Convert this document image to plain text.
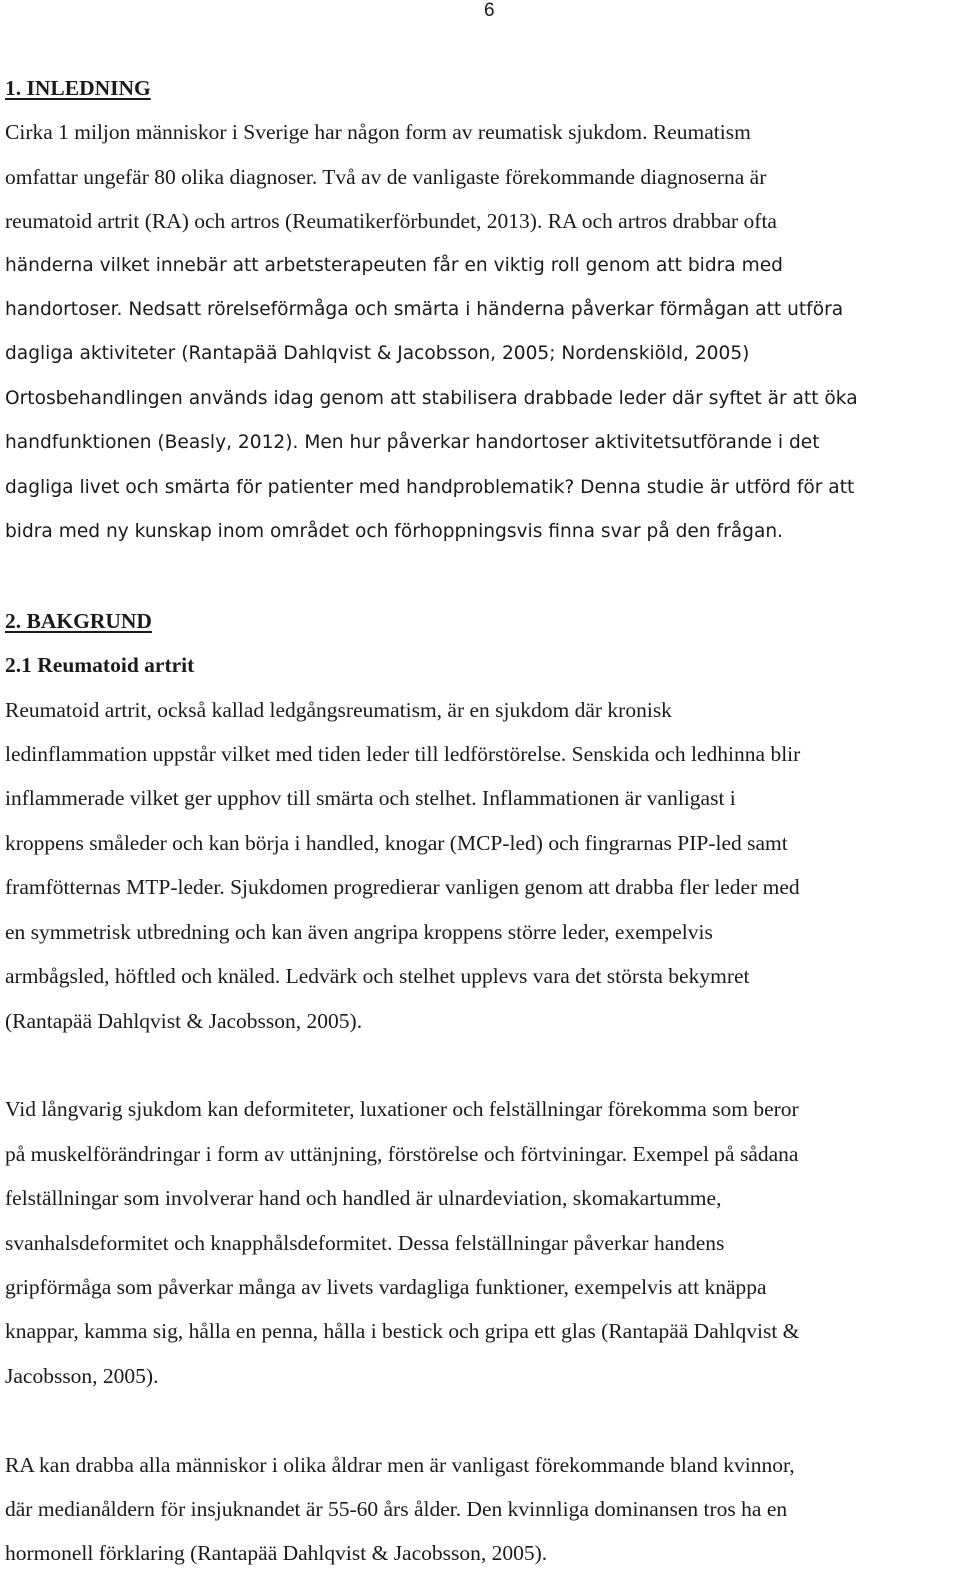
6
1. INLEDNING
Cirka 1 miljon människor i Sverige har någon form av reumatisk sjukdom. Reumatism
omfattar ungefär 80 olika diagnoser. Två av de vanligaste förekommande diagnoserna är
reumatoid artrit (RA) och artros (Reumatikerförbundet, 2013). RA och artros drabbar ofta
händerna vilket innebär att arbetsterapeuten får en viktig roll genom att bidra med
handortoser. Nedsatt rörelseförmåga och smärta i händerna påverkar förmågan att utföra
dagliga aktiviteter (Rantapää Dahlqvist & Jacobsson, 2005; Nordenskiöld, 2005)
Ortosbehandlingen används idag genom att stabilisera drabbade leder där syftet är att öka
handfunktionen (Beasly, 2012). Men hur påverkar handortoser aktivitetsutförande i det
dagliga livet och smärta för patienter med handproblematik? Denna studie är utförd för att
bidra med ny kunskap inom området och förhoppningsvis finna svar på den frågan.
2. BAKGRUND
2.1 Reumatoid artrit
Reumatoid artrit, också kallad ledgångsreumatism, är en sjukdom där kronisk
ledinflammation uppstår vilket med tiden leder till ledförstörelse. Senskida och ledhinna blir
inflammerade vilket ger upphov till smärta och stelhet. Inflammationen är vanligast i
kroppens småleder och kan börja i handled, knogar (MCP-led) och fingrarnas PIP-led samt
framfötternas MTP-leder. Sjukdomen progredierar vanligen genom att drabba fler leder med
en symmetrisk utbredning och kan även angripa kroppens större leder, exempelvis
armbågsled, höftled och knäled. Ledvärk och stelhet upplevs vara det största bekymret
(Rantapää Dahlqvist & Jacobsson, 2005).
Vid långvarig sjukdom kan deformiteter, luxationer och felställningar förekomma som beror
på muskelförändringar i form av uttänjning, förstörelse och förtviningar. Exempel på sådana
felställningar som involverar hand och handled är ulnardeviation, skomakartumme,
svanhalsdeformitet och knapphålsdeformitet. Dessa felställningar påverkar handens
gripförmåga som påverkar många av livets vardagliga funktioner, exempelvis att knäppa
knappar, kamma sig, hålla en penna, hålla i bestick och gripa ett glas (Rantapää Dahlqvist &
Jacobsson, 2005).
RA kan drabba alla människor i olika åldrar men är vanligast förekommande bland kvinnor,
där medianåldern för insjuknandet är 55-60 års ålder. Den kvinnliga dominansen tros ha en
hormonell förklaring (Rantapää Dahlqvist & Jacobsson, 2005).
